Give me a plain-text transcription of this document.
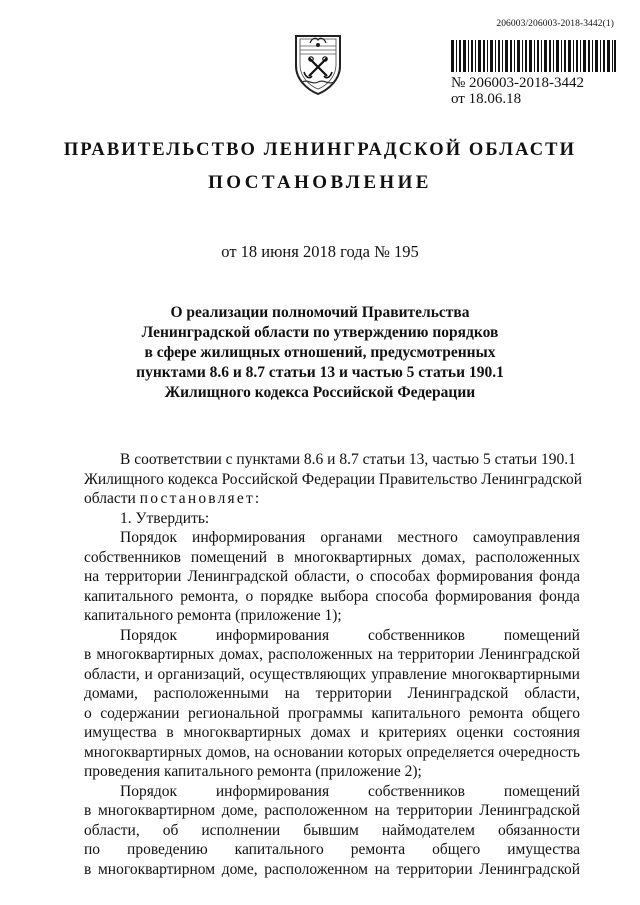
206003/206003-2018-3442(1)
№ 206003-2018-3442
от 18.06.18
ПРАВИТЕЛЬСТВО ЛЕНИНГРАДСКОЙ ОБЛАСТИ
ПОСТАНОВЛЕНИЕ
от 18 июня 2018 года № 195
О реализации полномочий Правительства
Ленинградской области по утверждению порядков
в сфере жилищных отношений, предусмотренных
пунктами 8.6 и 8.7 статьи 13 и частью 5 статьи 190.1
Жилищного кодекса Российской Федерации
В соответствии с пунктами 8.6 и 8.7 статьи 13, частью 5 статьи 190.1
Жилищного кодекса Российской Федерации Правительство Ленинградской
области
постановляет:
1. Утвердить:
Порядок информирования органами местного самоуправления
собственников помещений в многоквартирных домах, расположенных
на территории Ленинградской области, о способах формирования фонда
капитального ремонта, о порядке выбора способа формирования фонда
капитального ремонта (приложение 1);
Порядок	информирования	собственников	помещений
в многоквартирных домах, расположенных на территории Ленинградской
области, и организаций, осуществляющих управление многоквартирными
домами, расположенными на территории Ленинградской области,
о содержании региональной программы капитального ремонта общего
имущества в многоквартирных домах и критериях оценки состояния
многоквартирных домов, на основании которых определяется очередность
проведения капитального ремонта (приложение 2);
Порядок	информирования	собственников	помещений
в многоквартирном доме, расположенном на территории Ленинградской
области, об исполнении бывшим наймодателем обязанности
по проведению капитального ремонта общего имущества
в многоквартирном доме, расположенном на территории Ленинградской
